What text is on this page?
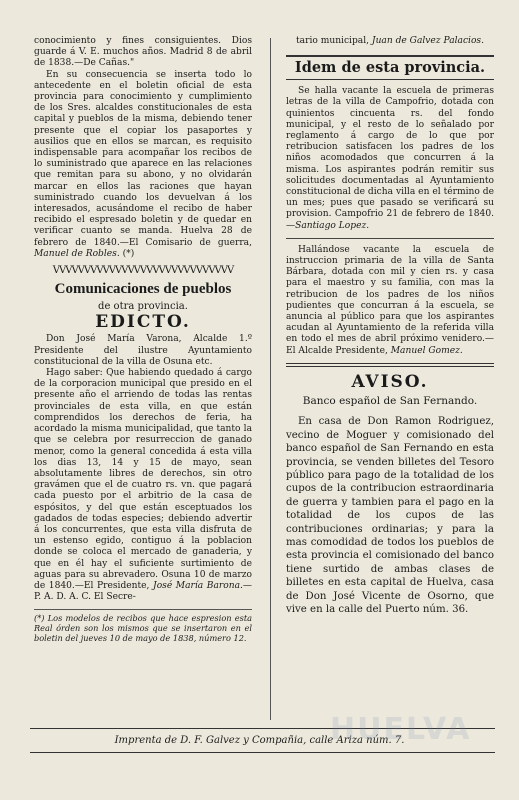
conocimiento y fines consiguientes. Dios guarde á V. E. muchos años. Madrid 8 de abril de 1838.—De Cañas."

En su consecuencia se inserta todo lo antecedente en el boletin oficial de esta provincia para conocimiento y cumplimiento de los Sres. alcaldes constitucionales de esta capital y pueblos de la misma, debiendo tener presente que el copiar los pasaportes y ausilios que en ellos se marcan, es requisito indispensable para acompañar los recibos de lo suministrado que aparece en las relaciones que remitan para su abono, y no olvidarán marcar en ellos las raciones que hayan suministrado cuando los devuelvan á los interesados, acusándome el recibo de haber recibido el espresado boletin y de quedar en verificar cuanto se manda. Huelva 28 de febrero de 1840.—El Comisario de guerra, Manuel de Robles. (*)

VVVVVVVVVVVVVVVVVVVVVVVVVVVVV
Comunicaciones de pueblos
de otra provincia.
EDICTO.

Don José María Varona, Alcalde 1.º Presidente del ilustre Ayuntamiento constitucional de la villa de Osuna etc.

Hago saber: Que habiendo quedado á cargo de la corporacion municipal que presido en el presente año el arriendo de todas las rentas provinciales de esta villa, en que están comprendidos los derechos de feria, ha acordado la misma municipalidad, que tanto la que se celebra por resurreccion de ganado menor, como la general concedida á esta villa los dias 13, 14 y 15 de mayo, sean absolutamente libres de derechos, sin otro gravámen que el de cuatro rs. vn. que pagará cada puesto por el arbitrio de la casa de espósitos, y del que están esceptuados los gadados de todas especies; debiendo advertir á los concurrentes, que esta villa disfruta de un estenso egido, contiguo á la poblacion donde se coloca el mercado de ganaderia, y que en él hay el suficiente surtimiento de aguas para su abrevadero. Osuna 10 de marzo de 1840.—El Presidente, José María Barona.—P. A. D. A. C. El Secre-

(*) Los modelos de recibos que hace espresion esta Real órden son los mismos que se insertaron en el boletin del jueves 10 de mayo de 1838, número 12.
tario municipal, Juan de Galvez Palacios.
Idem de esta provincia.

Se halla vacante la escuela de primeras letras de la villa de Campofrio, dotada con quinientos cincuenta rs. del fondo municipal, y el resto de lo señalado por reglamento á cargo de lo que por retribucion satisfacen los padres de los niños acomodados que concurren á la misma. Los aspirantes podrán remitir sus solicitudes documentadas al Ayuntamiento constitucional de dicha villa en el término de un mes; pues que pasado se verificará su provision. Campofrio 21 de febrero de 1840.—Santiago Lopez.

Hallándose vacante la escuela de instruccion primaria de la villa de Santa Bárbara, dotada con mil y cien rs. y casa para el maestro y su familia, con mas la retribucion de los padres de los niños pudientes que concurran á la escuela, se anuncia al público para que los aspirantes acudan al Ayuntamiento de la referida villa en todo el mes de abril próximo venidero.—El Alcalde Presidente, Manuel Gomez.

AVISO.
Banco español de San Fernando.

En casa de Don Ramon Rodriguez, vecino de Moguer y comisionado del banco español de San Fernando en esta provincia, se venden billetes del Tesoro público para pago de la totalidad de los cupos de la contribucion estraordinaria de guerra y tambien para el pago en la totalidad de los cupos de las contribuciones ordinarias; y para la mas comodidad de todos los pueblos de esta provincia el comisionado del banco tiene surtido de ambas clases de billetes en esta capital de Huelva, casa de Don José Vicente de Osorno, que vive en la calle del Puerto núm. 36.

Imprenta de D. F. Galvez y Compañia, calle Ariza núm. 7.
HUELVA
